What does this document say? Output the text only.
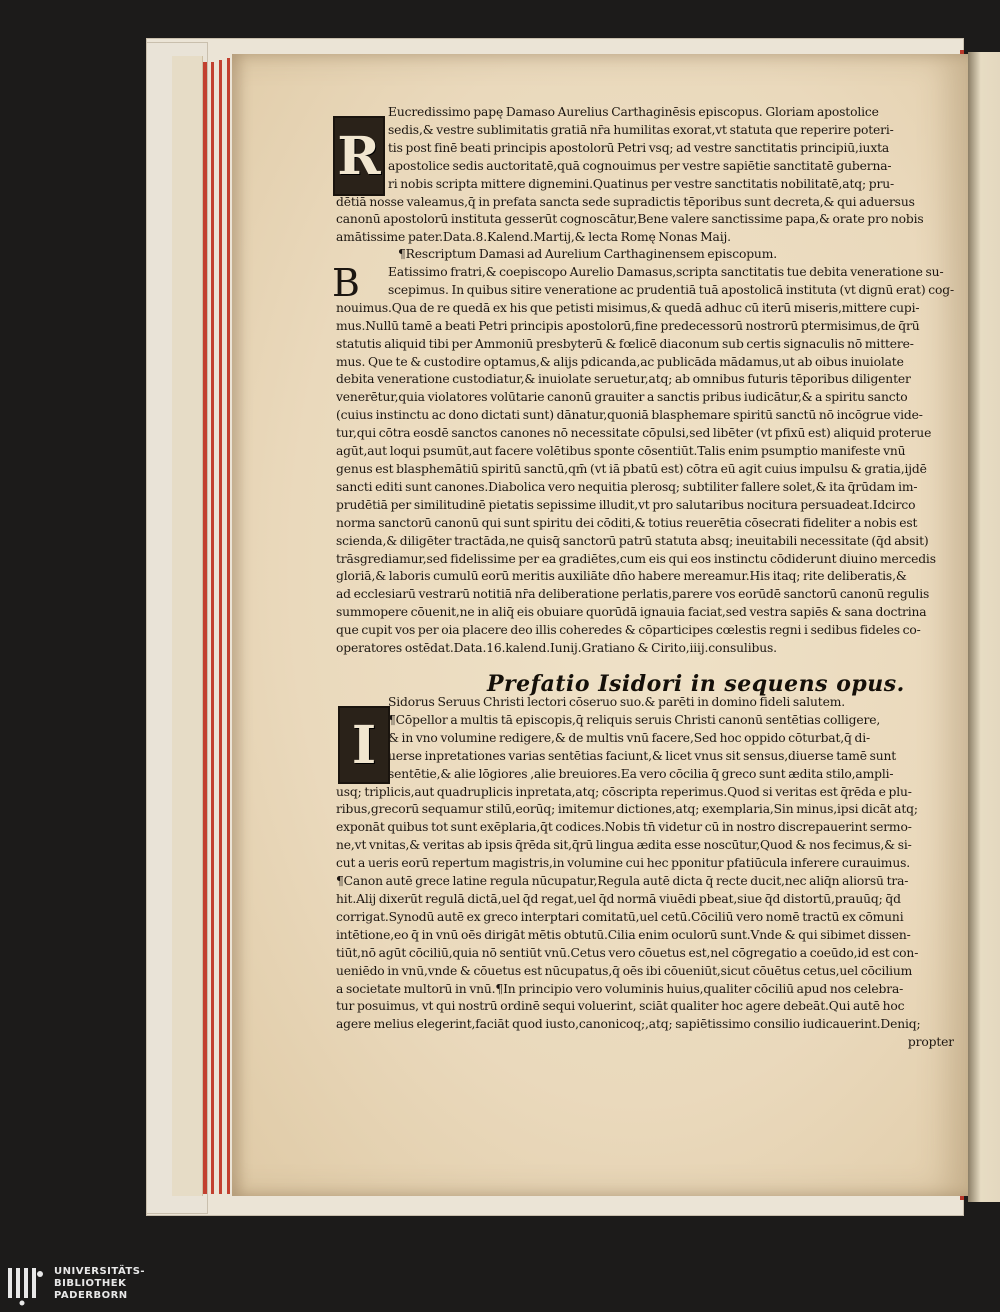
R
Eucredissimo papę Damaso Aurelius Carthaginēsis episcopus. Gloriam apostolice
sedis,& vestre sublimitatis gratiā nr̄a humilitas exorat,vt statuta que reperire poteri-
tis post finē beati principis apostolorū Petri vsq; ad vestre sanctitatis principiū,iuxta
apostolice sedis auctoritatē,quā cognouimus per vestre sapiētie sanctitatē guberna-
ri nobis scripta mittere dignemini.Quatinus per vestre sanctitatis nobilitatē,atq; pru-
dētiā nosse valeamus,q̄ in prefata sancta sede supradictis tēporibus sunt decreta,& qui aduersus
canonū apostolorū instituta gesserūt cognoscātur,Bene valere sanctissime papa,& orate pro nobis
amātissime pater.Data.8.Kalend.Martij,& lecta Romę Nonas Maij.
¶Rescriptum Damasi ad Aurelium Carthaginensem episcopum.
B	Eatissimo fratri,& coepiscopo Aurelio Damasus,scripta sanctitatis tue debita veneratione su-
scepimus. In quibus sitire veneratione ac prudentiā tuā apostolicā instituta (vt dignū erat) cog-
nouimus.Qua de re quedā ex his que petisti misimus,& quedā adhuc cū iterū miseris,mittere cupi-
mus.Nullū tamē a beati Petri principis apostolorū,fine predecessorū nostrorū ptermisimus,de q̄rū
statutis aliquid tibi per Ammoniū presbyterū & fœlicē diaconum sub certis signaculis nō mittere-
mus. Que te & custodire optamus,& alijs pdicanda,ac publicāda mādamus,ut ab oibus inuiolate
debita veneratione custodiatur,& inuiolate seruetur,atq; ab omnibus futuris tēporibus diligenter
venerētur,quia violatores volūtarie canonū grauiter a sanctis pribus iudicātur,& a spiritu sancto
(cuius instinctu ac dono dictati sunt) dānatur,quoniā blasphemare spiritū sanctū nō incōgrue vide-
tur,qui cōtra eosdē sanctos canones nō necessitate cōpulsi,sed libēter (vt pfixū est) aliquid proterue
agūt,aut loqui psumūt,aut facere volētibus sponte cōsentiūt.Talis enim psumptio manifeste vnū
genus est blasphemātiū spiritū sanctū,qm̄ (vt iā pbatū est) cōtra eū agit cuius impulsu & gratia,ijdē
sancti editi sunt canones.Diabolica vero nequitia plerosq; subtiliter fallere solet,& ita q̄rūdam im-
prudētiā per similitudinē pietatis sepissime illudit,vt pro salutaribus nocitura persuadeat.Idcirco
norma sanctorū canonū qui sunt spiritu dei cōditi,& totius reuerētia cōsecrati fideliter a nobis est
scienda,& diligēter tractāda,ne quisq̄ sanctorū patrū statuta absq; ineuitabili necessitate (q̄d absit)
trāsgrediamur,sed fidelissime per ea gradiētes,cum eis qui eos instinctu cōdiderunt diuino mercedis
gloriā,& laboris cumulū eorū meritis auxiliāte dn̄o habere mereamur.His itaq; rite deliberatis,&
ad ecclesiarū vestrarū notitiā nr̄a deliberatione perlatis,parere vos eorūdē sanctorū canonū regulis
summopere cōuenit,ne in aliq̄ eis obuiare quorūdā ignauia faciat,sed vestra sapiēs & sana doctrina
que cupit vos per oia placere deo illis coheredes & cōparticipes cœlestis regni i sedibus fideles co-
operatores ostēdat.Data.16.kalend.Iunij.Gratiano & Cirito,iiij.consulibus.
Prefatio Isidori in sequens opus.
I
Sidorus Seruus Christi lectori cōseruo suo.& parēti in domino fideli salutem.
¶Cōpellor a multis tā episcopis,q̄ reliquis seruis Christi canonū sentētias colligere,
& in vno volumine redigere,& de multis vnū facere,Sed hoc oppido cōturbat,q̄ di-
uerse inpretationes varias sentētias faciunt,& licet vnus sit sensus,diuerse tamē sunt
sentētie,& alie lōgiores ,alie breuiores.Ea vero cōcilia q̄ greco sunt ædita stilo,ampli-
usq; triplicis,aut quadruplicis inpretata,atq; cōscripta reperimus.Quod si veritas est q̄rēda e plu-
ribus,grecorū sequamur stilū,eorūq; imitemur dictiones,atq; exemplaria,Sin minus,ipsi dicāt atq;
exponāt quibus tot sunt exēplaria,q̄t codices.Nobis tn̄ videtur cū in nostro discrepauerint sermo-
ne,vt vnitas,& veritas ab ipsis q̄rēda sit,q̄rū lingua ædita esse noscūtur,Quod & nos fecimus,& si-
cut a ueris eorū repertum magistris,in volumine cui hec pponitur pfatiūcula inferere curauimus.
¶Canon autē grece latine regula nūcupatur,Regula autē dicta q̄ recte ducit,nec aliq̄n aliorsū tra-
hit.Alij dixerūt regulā dictā,uel q̄d regat,uel q̄d normā viuēdi pbeat,siue q̄d distortū,prauūq; q̄d
corrigat.Synodū autē ex greco interptari comitatū,uel cetū.Cōciliū vero nomē tractū ex cōmuni
intētione,eo q̄ in vnū oēs dirigāt mētis obtutū.Cilia enim oculorū sunt.Vnde & qui sibimet dissen-
tiūt,nō agūt cōciliū,quia nō sentiūt vnū.Cetus vero cōuetus est,nel cōgregatio a coeūdo,id est con-
ueniēdo in vnū,vnde & cōuetus est nūcupatus,q̄ oēs ibi cōueniūt,sicut cōuētus cetus,uel cōcilium
a societate multorū in vnū.¶In principio vero voluminis huius,qualiter cōciliū apud nos celebra-
tur posuimus, vt qui nostrū ordinē sequi voluerint, sciāt qualiter hoc agere debeāt.Qui autē hoc
agere melius elegerint,faciāt quod iusto,canonicoq;,atq; sapiētissimo consilio iudicauerint.Deniq;
propter
UNIVERSITÄTS-
BIBLIOTHEK
PADERBORN
